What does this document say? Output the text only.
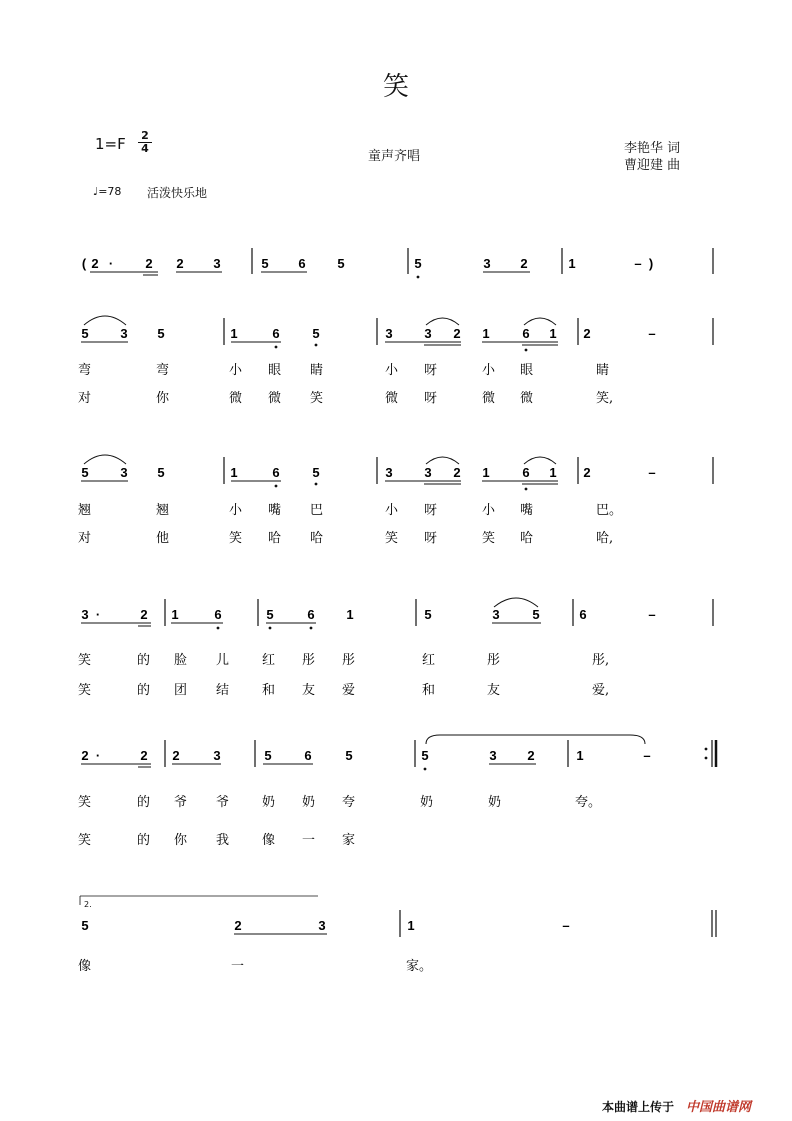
笑
1=F 2
4
童声齐唱
李艳华 词
曹迎建 曲
♩=78 活泼快乐地
( 2 · 2 2 3	5 6 5	5	3 2	1	– )
5 3 5	1	6	5	3 3 2 1	6 1 2	–
5 3 5	1	6	5	3 3 2 1	6 1 2	–
3 ·	2 1	6	5	6 1	5	3	5	6	–
2 ·	2 2	3	5	6	5	5	3 2	1	–
2.
5	2	3	1	–
弯	弯	小 眼 睛	小 呀	小 眼	睛
对	你	微 微 笑	微 呀	微 微	笑,
翘	翘	小 嘴 巴	小 呀	小 嘴	巴。
对	他	笑 哈 哈	笑 呀	笑 哈	哈,
笑	的 脸 儿	红 彤 彤	红	彤	彤,
笑	的 团 结	和 友 爱	和	友	爱,
笑	的 爷 爷	奶 奶 夸	奶	奶	夸。
笑	的 你 我	像 一 家
像	一	家。
本曲谱上传于 中国曲谱网
